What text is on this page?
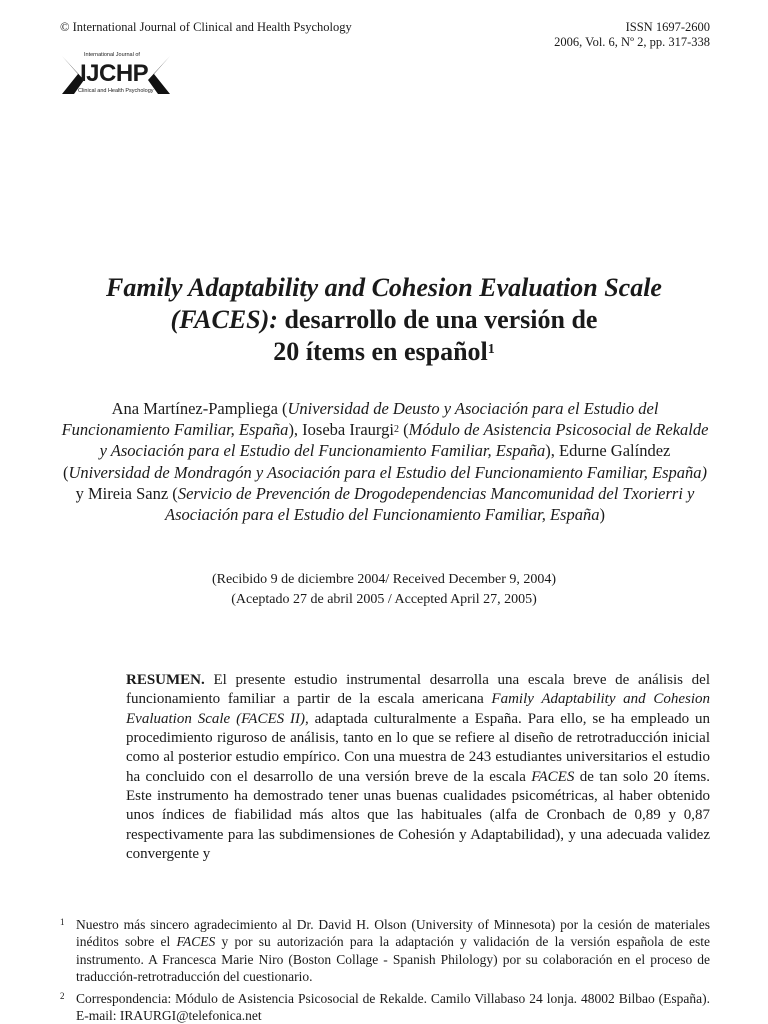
© International Journal of Clinical and Health Psychology	ISSN 1697-2600
2006, Vol. 6, Nº 2, pp. 317-338
International Journal of
IJCHP
Clinical and Health Psychology
Family Adaptability and Cohesion Evaluation Scale
(FACES): desarrollo de una versión de
20 ítems en español$^1$
Ana Martínez-Pampliega (Universidad de Deusto y Asociación para el Estudio del Funcionamiento Familiar, España), Ioseba Iraurgi$^2$ (Módulo de Asistencia Psicosocial de Rekalde y Asociación para el Estudio del Funcionamiento Familiar, España), Edurne Galíndez (Universidad de Mondragón y Asociación para el Estudio del Funcionamiento Familiar, España) y Mireia Sanz (Servicio de Prevención de Drogodependencias Mancomunidad del Txorierri y Asociación para el Estudio del Funcionamiento Familiar, España)
(Recibido 9 de diciembre 2004/ Received December 9, 2004)
(Aceptado 27 de abril 2005 / Accepted April 27, 2005)
RESUMEN. El presente estudio instrumental desarrolla una escala breve de análisis del funcionamiento familiar a partir de la escala americana Family Adaptability and Cohesion Evaluation Scale (FACES II), adaptada culturalmente a España. Para ello, se ha empleado un procedimiento riguroso de análisis, tanto en lo que se refiere al diseño de retrotraducción inicial como al posterior estudio empírico. Con una muestra de 243 estudiantes universitarios el estudio ha concluido con el desarrollo de una versión breve de la escala FACES de tan solo 20 ítems. Este instrumento ha demostrado tener unas buenas cualidades psicométricas, al haber obtenido unos índices de fiabilidad más altos que las habituales (alfa de Cronbach de 0,89 y 0,87 respectivamente para las subdimensiones de Cohesión y Adaptabilidad), y una adecuada validez convergente y
1 Nuestro más sincero agradecimiento al Dr. David H. Olson (University of Minnesota) por la cesión de materiales inéditos sobre el FACES y por su autorización para la adaptación y validación de la versión española de este instrumento. A Francesca Marie Niro (Boston Collage - Spanish Philology) por su colaboración en el proceso de traducción-retrotraducción del cuestionario.
2 Correspondencia: Módulo de Asistencia Psicosocial de Rekalde. Camilo Villabaso 24 lonja. 48002 Bilbao (España). E-mail: IRAURGI@telefonica.net
